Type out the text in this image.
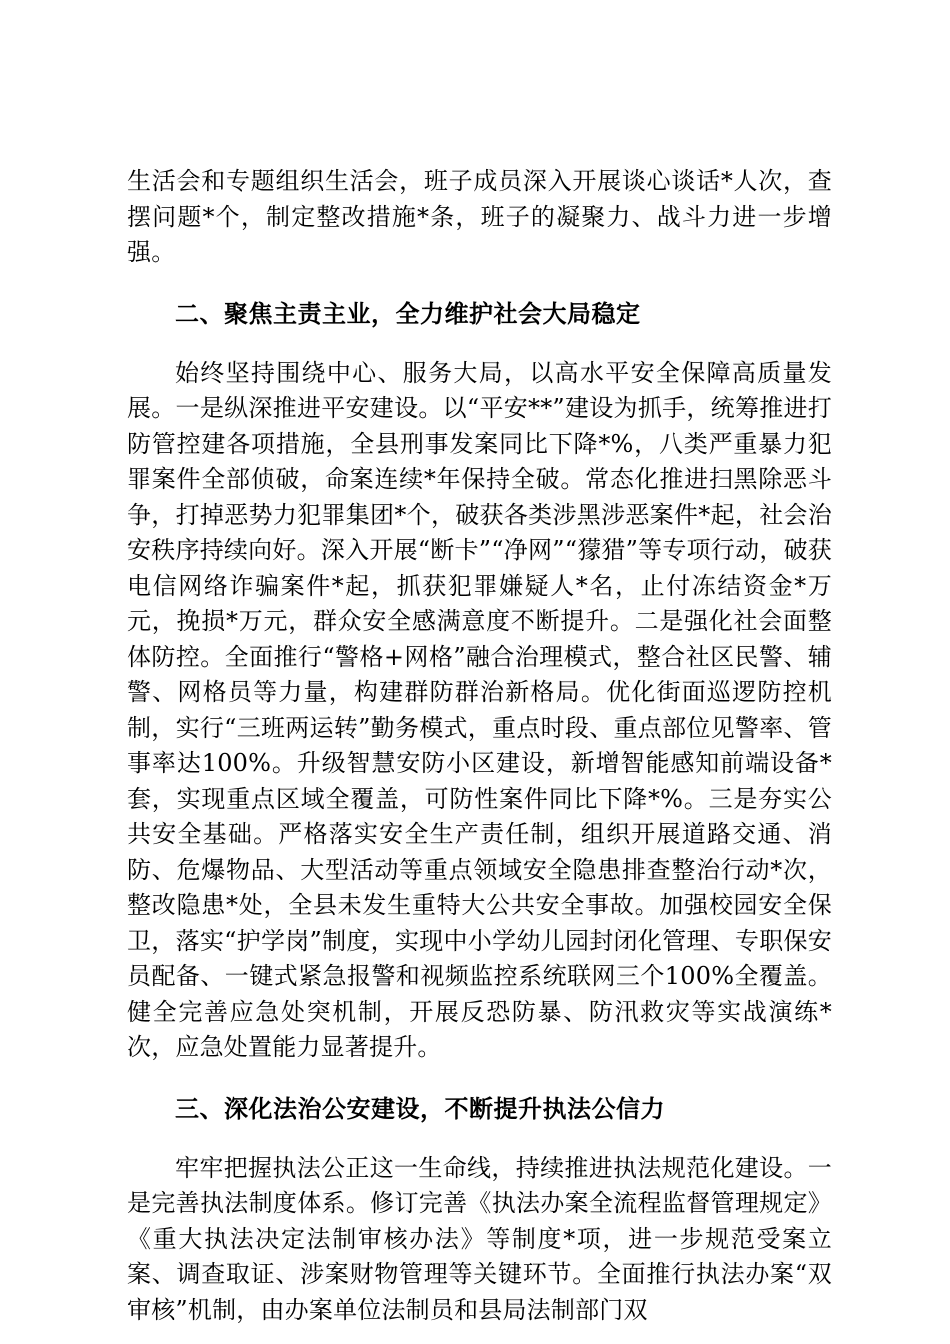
生活会和专题组织生活会，班子成员深入开展谈心谈话*人次，查摆问题*个，制定整改措施*条，班子的凝聚力、战斗力进一步增强。

二、聚焦主责主业，全力维护社会大局稳定

始终坚持围绕中心、服务大局，以高水平安全保障高质量发展。一是纵深推进平安建设。以“平安**”建设为抓手，统筹推进打防管控建各项措施，全县刑事发案同比下降*%，八类严重暴力犯罪案件全部侦破，命案连续*年保持全破。常态化推进扫黑除恶斗争，打掉恶势力犯罪集团*个，破获各类涉黑涉恶案件*起，社会治安秩序持续向好。深入开展“断卡”“净网”“獴猎”等专项行动，破获电信网络诈骗案件*起，抓获犯罪嫌疑人*名，止付冻结资金*万元，挽损*万元，群众安全感满意度不断提升。二是强化社会面整体防控。全面推行“警格+网格”融合治理模式，整合社区民警、辅警、网格员等力量，构建群防群治新格局。优化街面巡逻防控机制，实行“三班两运转”勤务模式，重点时段、重点部位见警率、管事率达100%。升级智慧安防小区建设，新增智能感知前端设备*套，实现重点区域全覆盖，可防性案件同比下降*%。三是夯实公共安全基础。严格落实安全生产责任制，组织开展道路交通、消防、危爆物品、大型活动等重点领域安全隐患排查整治行动*次，整改隐患*处，全县未发生重特大公共安全事故。加强校园安全保卫，落实“护学岗”制度，实现中小学幼儿园封闭化管理、专职保安员配备、一键式紧急报警和视频监控系统联网三个100%全覆盖。健全完善应急处突机制，开展反恐防暴、防汛救灾等实战演练*次，应急处置能力显著提升。

三、深化法治公安建设，不断提升执法公信力

牢牢把握执法公正这一生命线，持续推进执法规范化建设。一是完善执法制度体系。修订完善《执法办案全流程监督管理规定》《重大执法决定法制审核办法》等制度*项，进一步规范受案立案、调查取证、涉案财物管理等关键环节。全面推行执法办案“双审核”机制，由办案单位法制员和县局法制部门双
